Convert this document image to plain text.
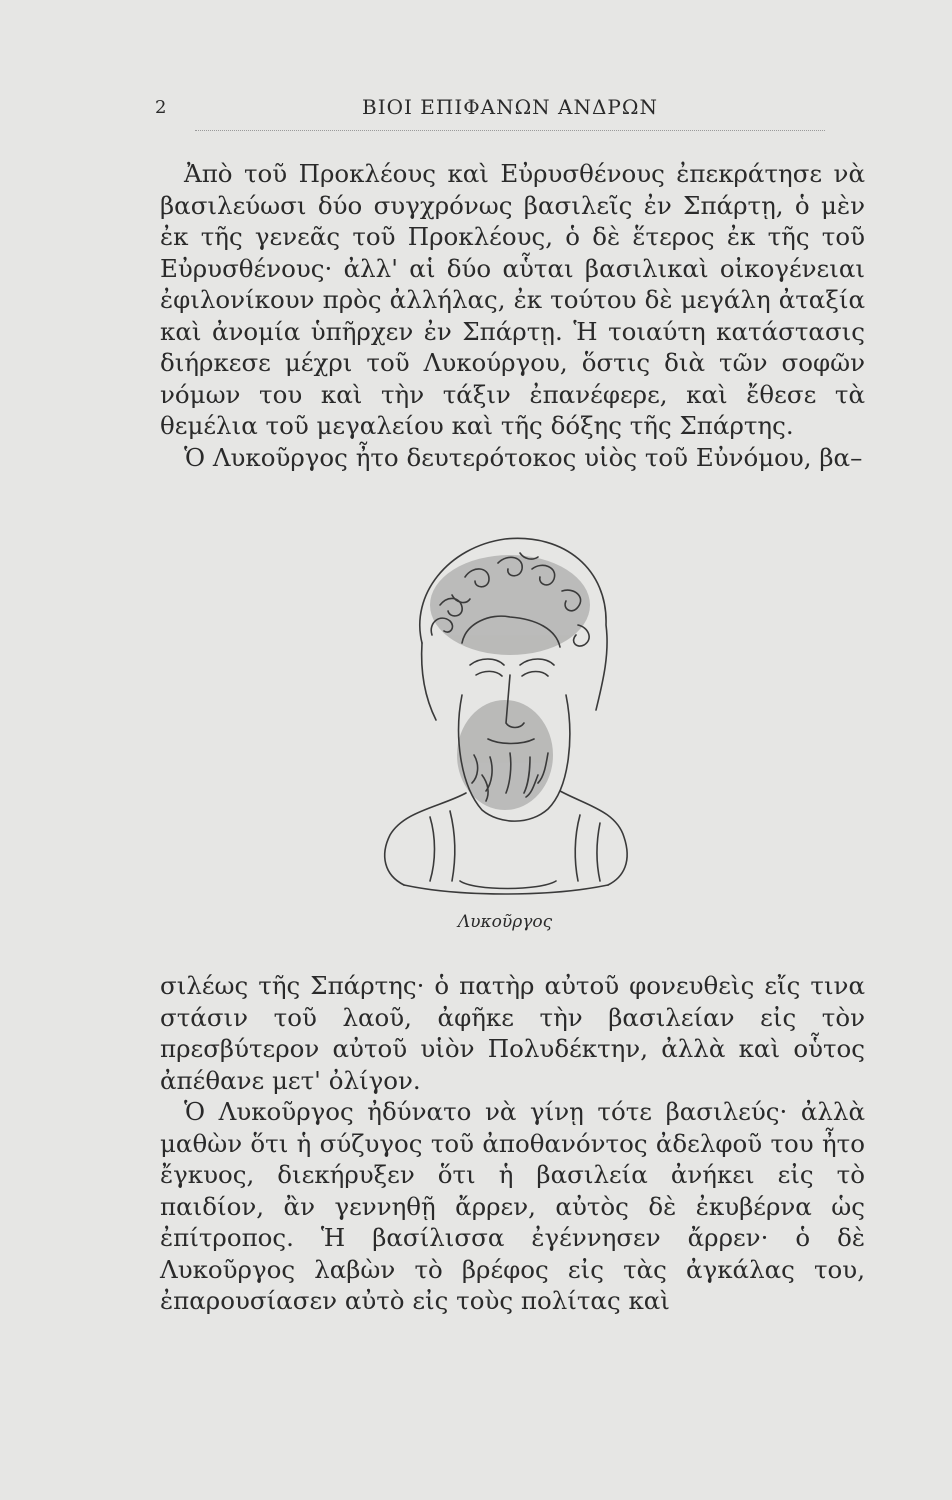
2	ΒΙΟΙ ΕΠΙΦΑΝΩΝ ΑΝΔΡΩΝ

Ἀπὸ τοῦ Προκλέους καὶ Εὐρυσθένους ἐπεκράτησε νὰ βασιλεύωσι δύο συγχρόνως βασιλεῖς ἐν Σπάρτῃ, ὁ μὲν ἐκ τῆς γενεᾶς τοῦ Προκλέους, ὁ δὲ ἕτερος ἐκ τῆς τοῦ Εὐρυσθένους· ἀλλ' αἱ δύο αὗται βασιλικαὶ οἰκογένειαι ἐφιλονίκουν πρὸς ἀλλήλας, ἐκ τούτου δὲ μεγάλη ἀταξία καὶ ἀνομία ὑπῆρχεν ἐν Σπάρτῃ. Ἡ τοιαύτη κατάστασις διήρκεσε μέχρι τοῦ Λυκούργου, ὅστις διὰ τῶν σοφῶν νόμων του καὶ τὴν τάξιν ἐπανέφερε, καὶ ἔθεσε τὰ θεμέλια τοῦ μεγαλείου καὶ τῆς δόξης τῆς Σπάρτης.

Ὁ Λυκοῦργος ἦτο δευτερότοκος υἱὸς τοῦ Εὐνόμου, βα–

Λυκοῦργος

σιλέως τῆς Σπάρτης· ὁ πατὴρ αὐτοῦ φονευθεὶς εἴς τινα στάσιν τοῦ λαοῦ, ἀφῆκε τὴν βασιλείαν εἰς τὸν πρεσβύτερον αὐτοῦ υἱὸν Πολυδέκτην, ἀλλὰ καὶ οὗτος ἀπέθανε μετ' ὀλίγον.

Ὁ Λυκοῦργος ἠδύνατο νὰ γίνῃ τότε βασιλεύς· ἀλλὰ μαθὼν ὅτι ἡ σύζυγος τοῦ ἀποθανόντος ἀδελφοῦ του ἦτο ἔγκυος, διεκήρυξεν ὅτι ἡ βασιλεία ἀνήκει εἰς τὸ παιδίον, ἂν γεννηθῇ ἄρρεν, αὐτὸς δὲ ἐκυβέρνα ὡς ἐπίτροπος. Ἡ βασίλισσα ἐγέννησεν ἄρρεν· ὁ δὲ Λυκοῦργος λαβὼν τὸ βρέφος εἰς τὰς ἀγκάλας του, ἐπαρουσίασεν αὐτὸ εἰς τοὺς πολίτας καὶ
